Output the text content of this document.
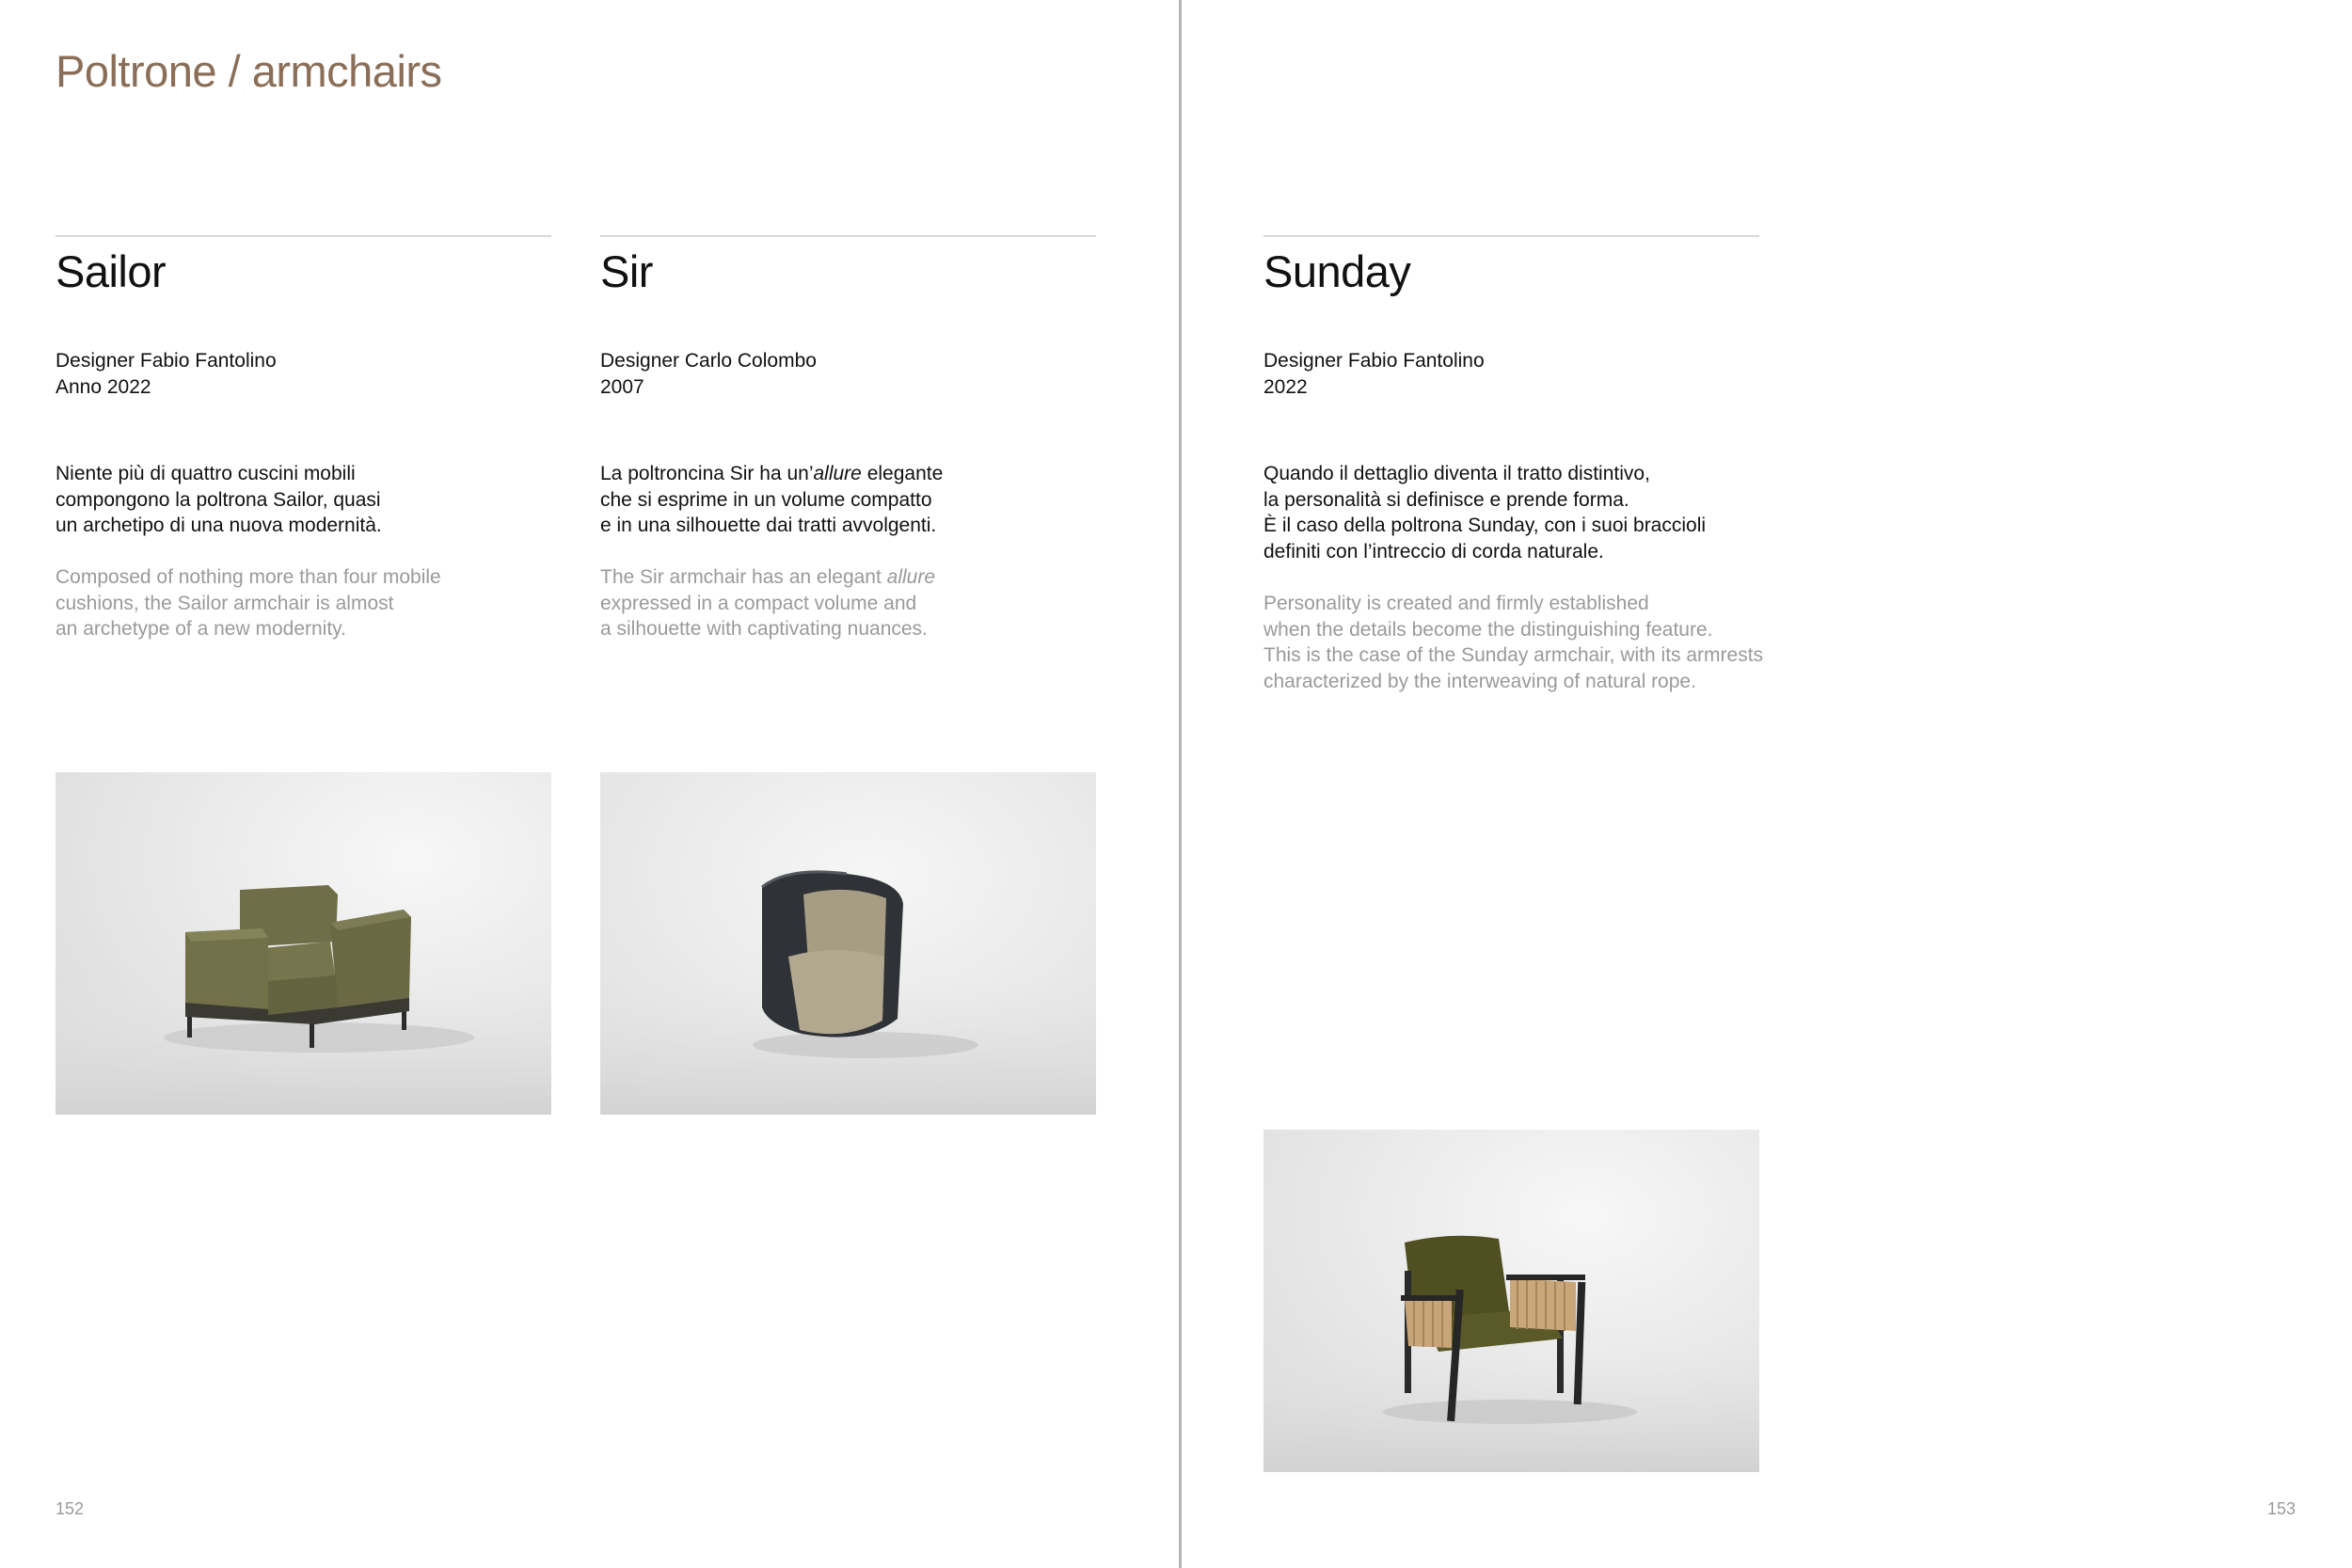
Poltrone / armchairs
Sailor
Designer Fabio Fantolino
Anno 2022
Niente più di quattro cuscini mobili
compongono la poltrona Sailor, quasi
un archetipo di una nuova modernità.
Composed of nothing more than four mobile
cushions, the Sailor armchair is almost
an archetype of a new modernity.
Sir
Designer Carlo Colombo
2007
La poltroncina Sir ha un’allure elegante
che si esprime in un volume compatto
e in una silhouette dai tratti avvolgenti.
The Sir armchair has an elegant allure
expressed in a compact volume and
a silhouette with captivating nuances.
Sunday
Designer Fabio Fantolino
2022
Quando il dettaglio diventa il tratto distintivo,
la personalità si definisce e prende forma.
È il caso della poltrona Sunday, con i suoi braccioli
definiti con l’intreccio di corda naturale.
Personality is created and firmly established
when the details become the distinguishing feature.
This is the case of the Sunday armchair, with its armrests
characterized by the interweaving of natural rope.
152	153
